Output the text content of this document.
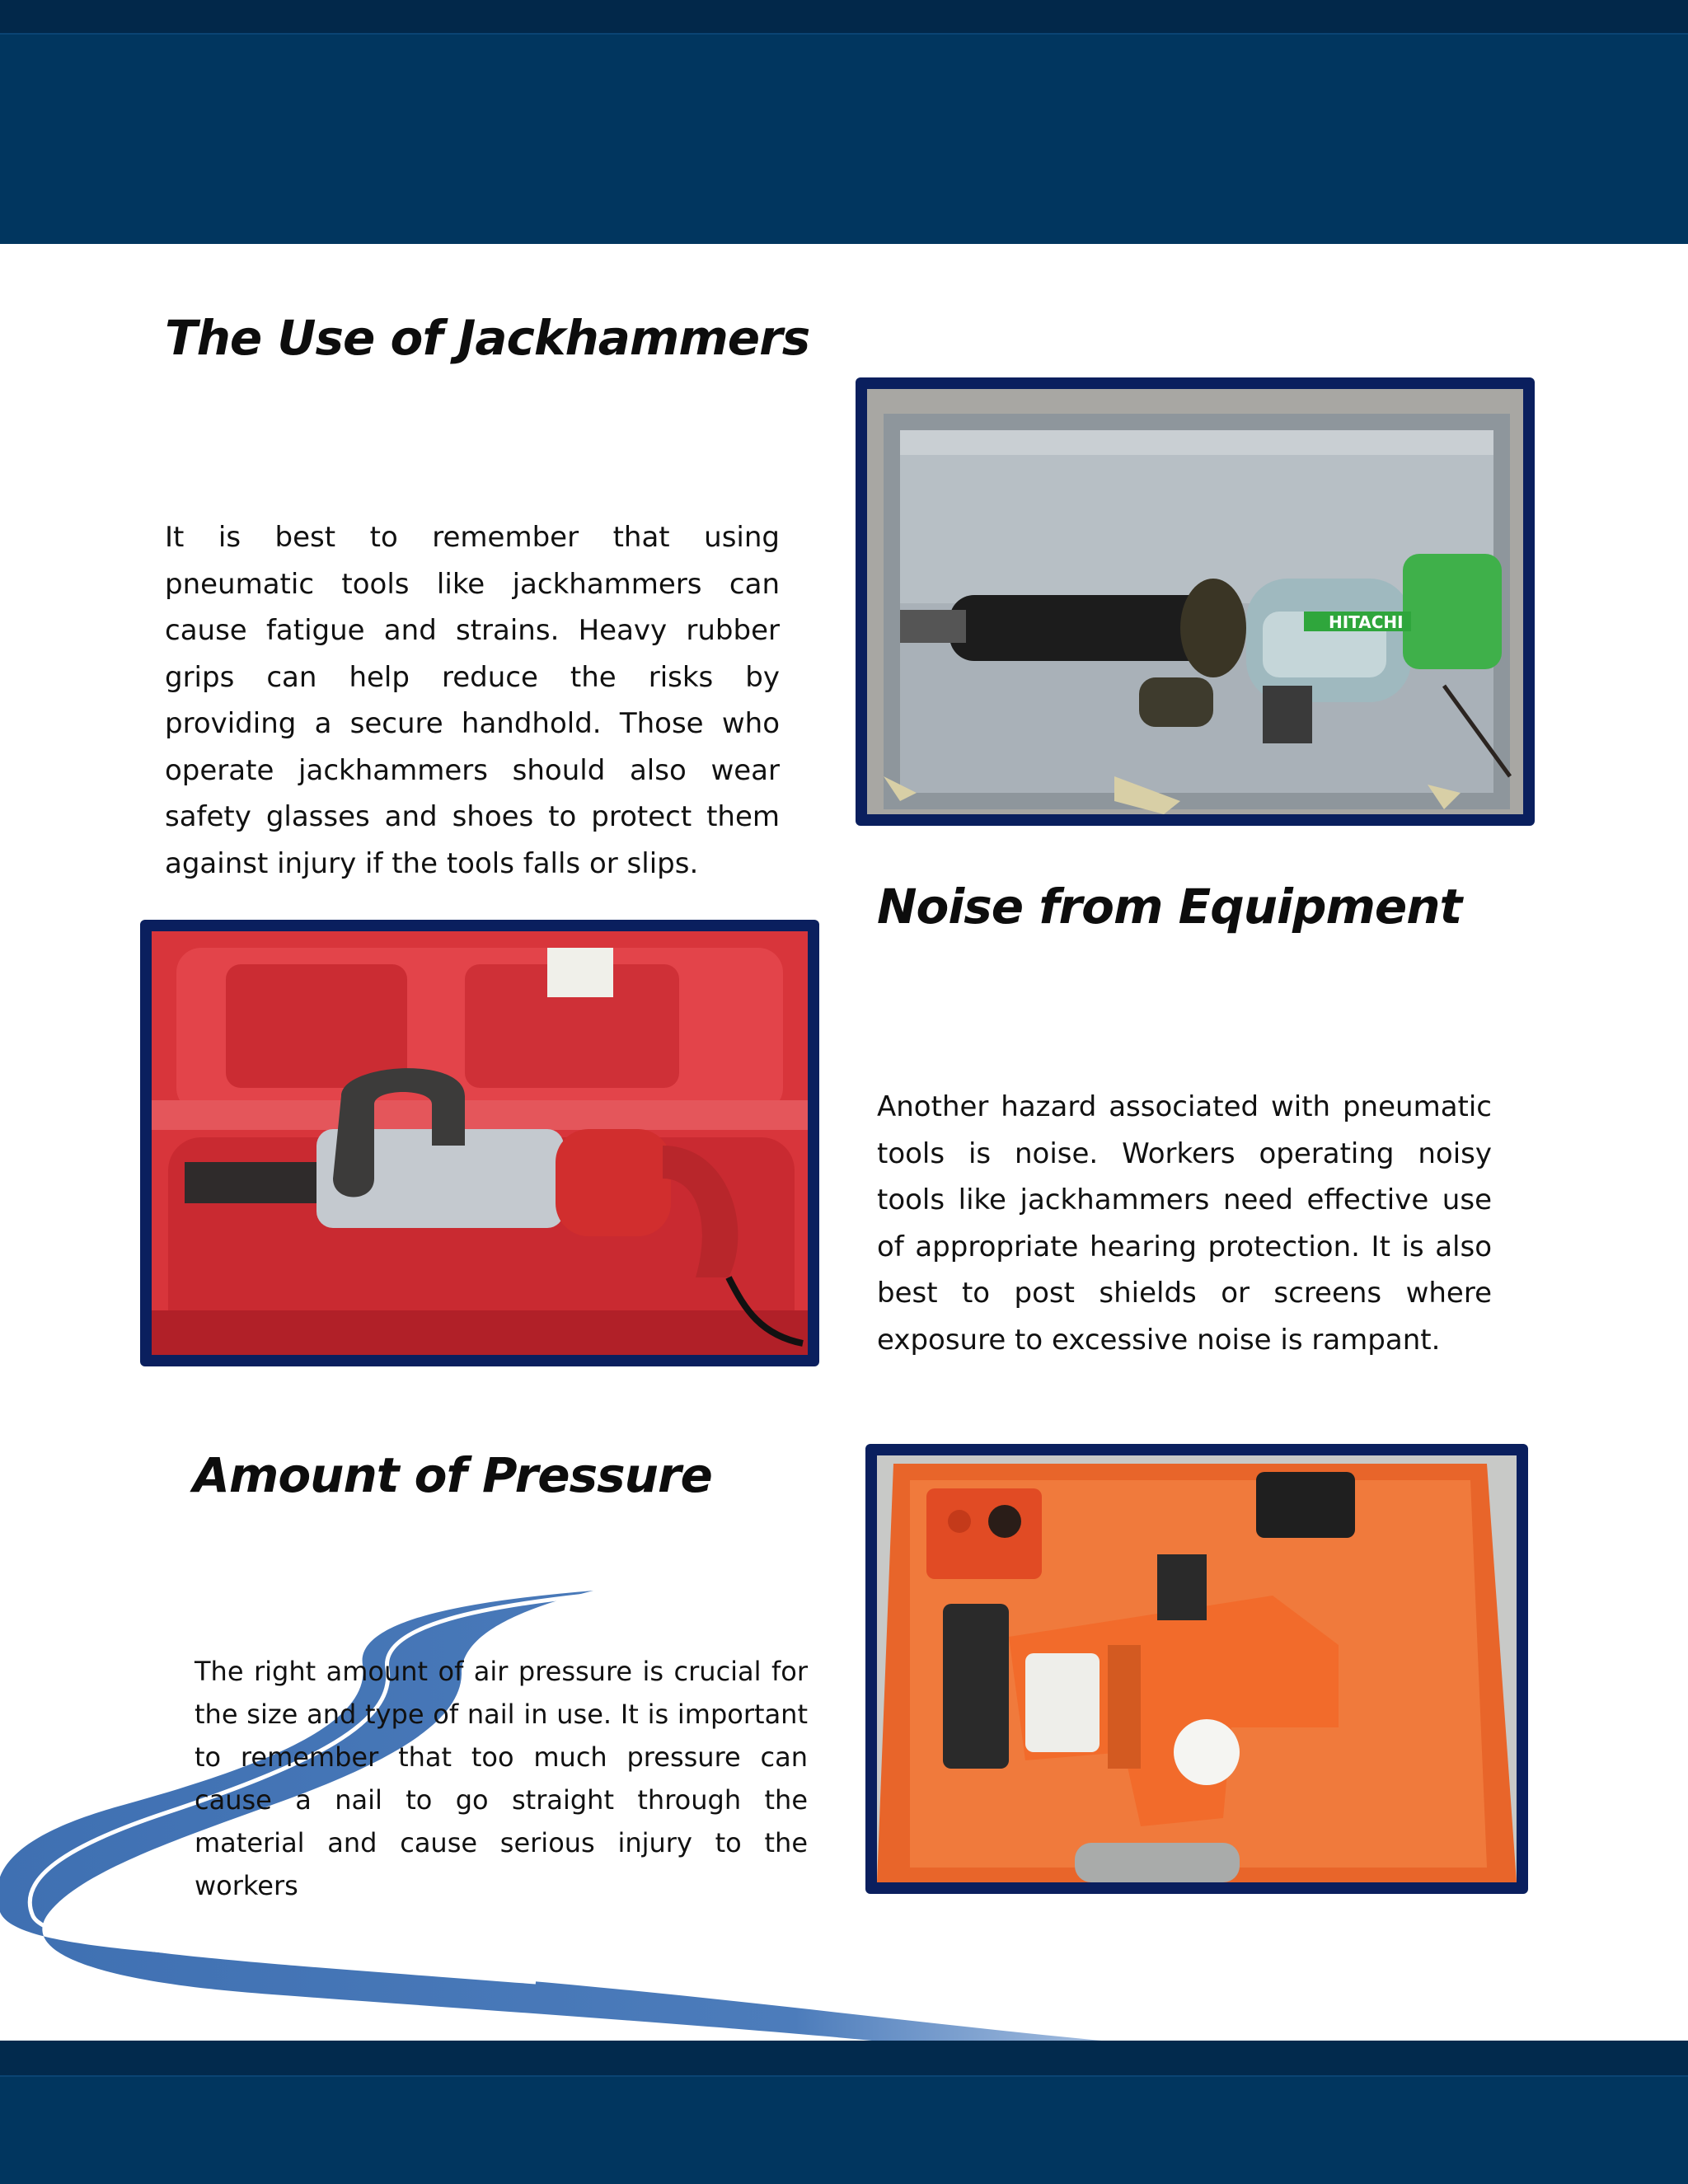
The Use of Jackhammers

It is best to remember that using pneumatic tools like jackhammers can cause fatigue and strains. Heavy rubber grips can help reduce the risks by providing a secure handhold. Those who operate jackhammers should also wear safety glasses and shoes to protect them against injury if the tools falls or slips.

HITACHI
Noise from Equipment

Another hazard associated with pneumatic tools is noise. Workers operating noisy tools like jackhammers need effective use of appropriate hearing protection. It is also best to post shields or screens where exposure to excessive noise is rampant.

Amount of Pressure

The right amount of air pressure is crucial for the size and type of nail in use. It is important to remember that too much pressure can cause a nail to go straight through the material and cause serious injury to the workers
